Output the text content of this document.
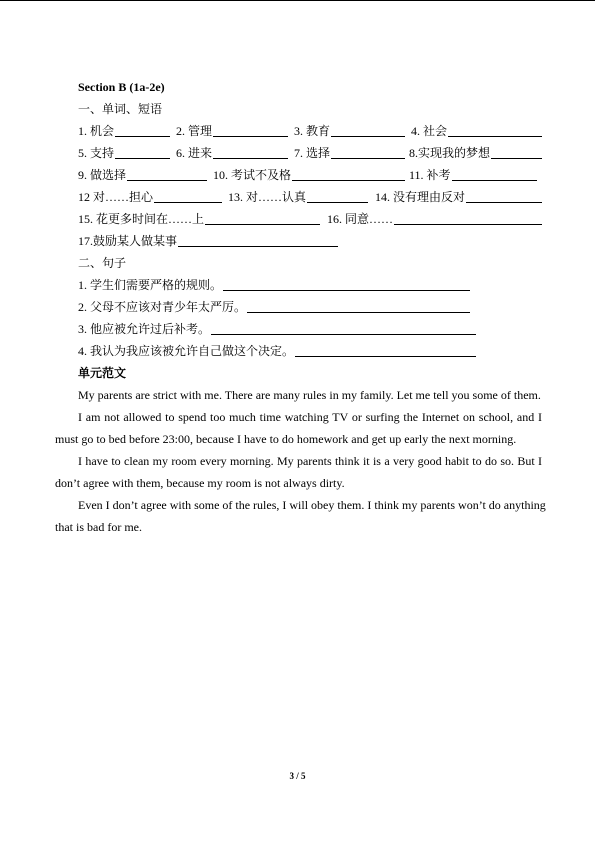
Section B (1a-2e)
一、单词、短语
1. 机会	2. 管理	3. 教育	4. 社会
5. 支持	6. 进来	7. 选择	8.实现我的梦想
9. 做选择	10. 考试不及格	11. 补考
12 对……担心	13. 对……认真	14. 没有理由反对
15. 花更多时间在……上	16. 同意……
17.鼓励某人做某事
二、句子
1. 学生们需要严格的规则。
2. 父母不应该对青少年太严厉。
3. 他应被允许过后补考。
4. 我认为我应该被允许自己做这个决定。
单元范文
My parents are strict with me. There are many rules in my family. Let me tell you some of them.
I am not allowed to spend too much time watching TV or surfing the Internet on school, and I
must go to bed before 23:00, because I have to do homework and get up early the next morning.
I have to clean my room every morning. My parents think it is a very good habit to do so. But I
don’t agree with them, because my room is not always dirty.
Even I don’t agree with some of the rules, I will obey them. I think my parents won’t do anything
that is bad for me.
3 / 5
